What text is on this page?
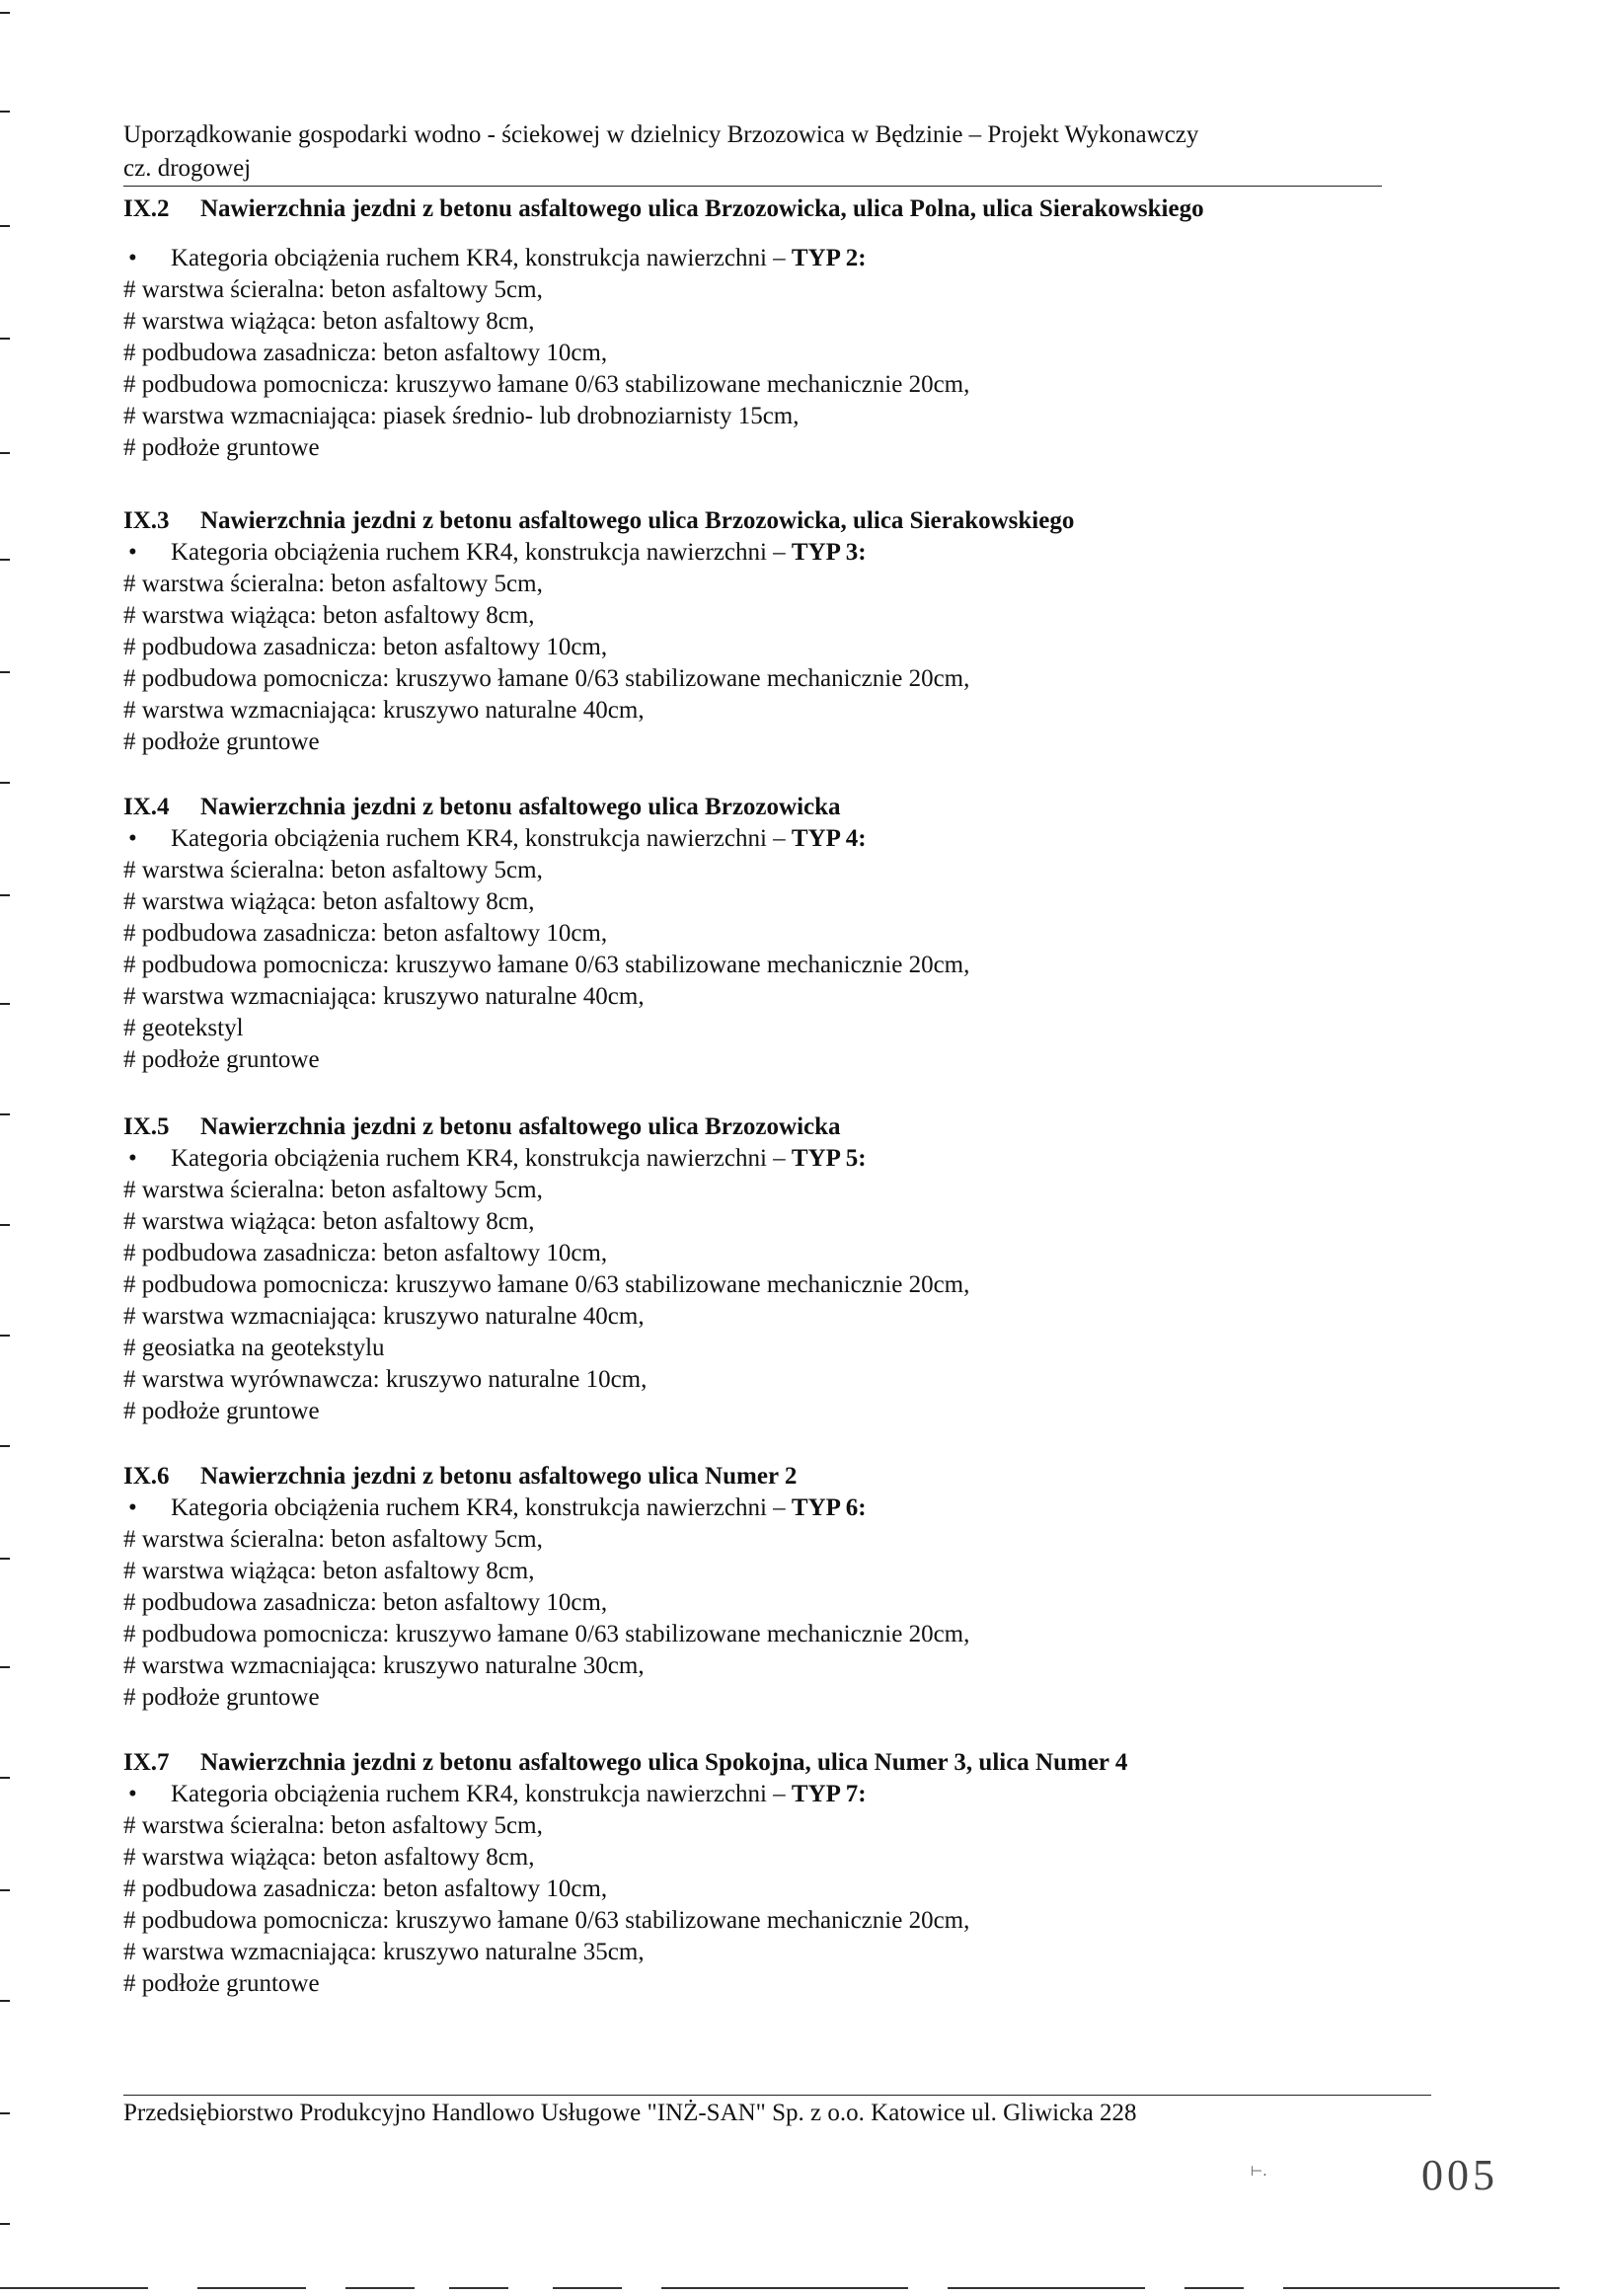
Uporządkowanie gospodarki wodno - ściekowej w dzielnicy Brzozowica w Będzinie – Projekt Wykonawczy
cz. drogowej
IX.2 Nawierzchnia jezdni z betonu asfaltowego ulica Brzozowicka, ulica Polna, ulica Sierakowskiego
• Kategoria obciążenia ruchem KR4, konstrukcja nawierzchni – TYP 2:
# warstwa ścieralna: beton asfaltowy 5cm,
# warstwa wiążąca: beton asfaltowy 8cm,
# podbudowa zasadnicza: beton asfaltowy 10cm,
# podbudowa pomocnicza: kruszywo łamane 0/63 stabilizowane mechanicznie 20cm,
# warstwa wzmacniająca: piasek średnio- lub drobnoziarnisty 15cm,
# podłoże gruntowe
IX.3 Nawierzchnia jezdni z betonu asfaltowego ulica Brzozowicka, ulica Sierakowskiego
• Kategoria obciążenia ruchem KR4, konstrukcja nawierzchni – TYP 3:
# warstwa ścieralna: beton asfaltowy 5cm,
# warstwa wiążąca: beton asfaltowy 8cm,
# podbudowa zasadnicza: beton asfaltowy 10cm,
# podbudowa pomocnicza: kruszywo łamane 0/63 stabilizowane mechanicznie 20cm,
# warstwa wzmacniająca: kruszywo naturalne 40cm,
# podłoże gruntowe
IX.4 Nawierzchnia jezdni z betonu asfaltowego ulica Brzozowicka
• Kategoria obciążenia ruchem KR4, konstrukcja nawierzchni – TYP 4:
# warstwa ścieralna: beton asfaltowy 5cm,
# warstwa wiążąca: beton asfaltowy 8cm,
# podbudowa zasadnicza: beton asfaltowy 10cm,
# podbudowa pomocnicza: kruszywo łamane 0/63 stabilizowane mechanicznie 20cm,
# warstwa wzmacniająca: kruszywo naturalne 40cm,
# geotekstyl
# podłoże gruntowe
IX.5 Nawierzchnia jezdni z betonu asfaltowego ulica Brzozowicka
• Kategoria obciążenia ruchem KR4, konstrukcja nawierzchni – TYP 5:
# warstwa ścieralna: beton asfaltowy 5cm,
# warstwa wiążąca: beton asfaltowy 8cm,
# podbudowa zasadnicza: beton asfaltowy 10cm,
# podbudowa pomocnicza: kruszywo łamane 0/63 stabilizowane mechanicznie 20cm,
# warstwa wzmacniająca: kruszywo naturalne 40cm,
# geosiatka na geotekstylu
# warstwa wyrównawcza: kruszywo naturalne 10cm,
# podłoże gruntowe
IX.6 Nawierzchnia jezdni z betonu asfaltowego ulica Numer 2
• Kategoria obciążenia ruchem KR4, konstrukcja nawierzchni – TYP 6:
# warstwa ścieralna: beton asfaltowy 5cm,
# warstwa wiążąca: beton asfaltowy 8cm,
# podbudowa zasadnicza: beton asfaltowy 10cm,
# podbudowa pomocnicza: kruszywo łamane 0/63 stabilizowane mechanicznie 20cm,
# warstwa wzmacniająca: kruszywo naturalne 30cm,
# podłoże gruntowe
IX.7 Nawierzchnia jezdni z betonu asfaltowego ulica Spokojna, ulica Numer 3, ulica Numer 4
• Kategoria obciążenia ruchem KR4, konstrukcja nawierzchni – TYP 7:
# warstwa ścieralna: beton asfaltowy 5cm,
# warstwa wiążąca: beton asfaltowy 8cm,
# podbudowa zasadnicza: beton asfaltowy 10cm,
# podbudowa pomocnicza: kruszywo łamane 0/63 stabilizowane mechanicznie 20cm,
# warstwa wzmacniająca: kruszywo naturalne 35cm,
# podłoże gruntowe
Przedsiębiorstwo Produkcyjno Handlowo Usługowe "INŻ-SAN" Sp. z o.o. Katowice ul. Gliwicka 228
⊢.	005
